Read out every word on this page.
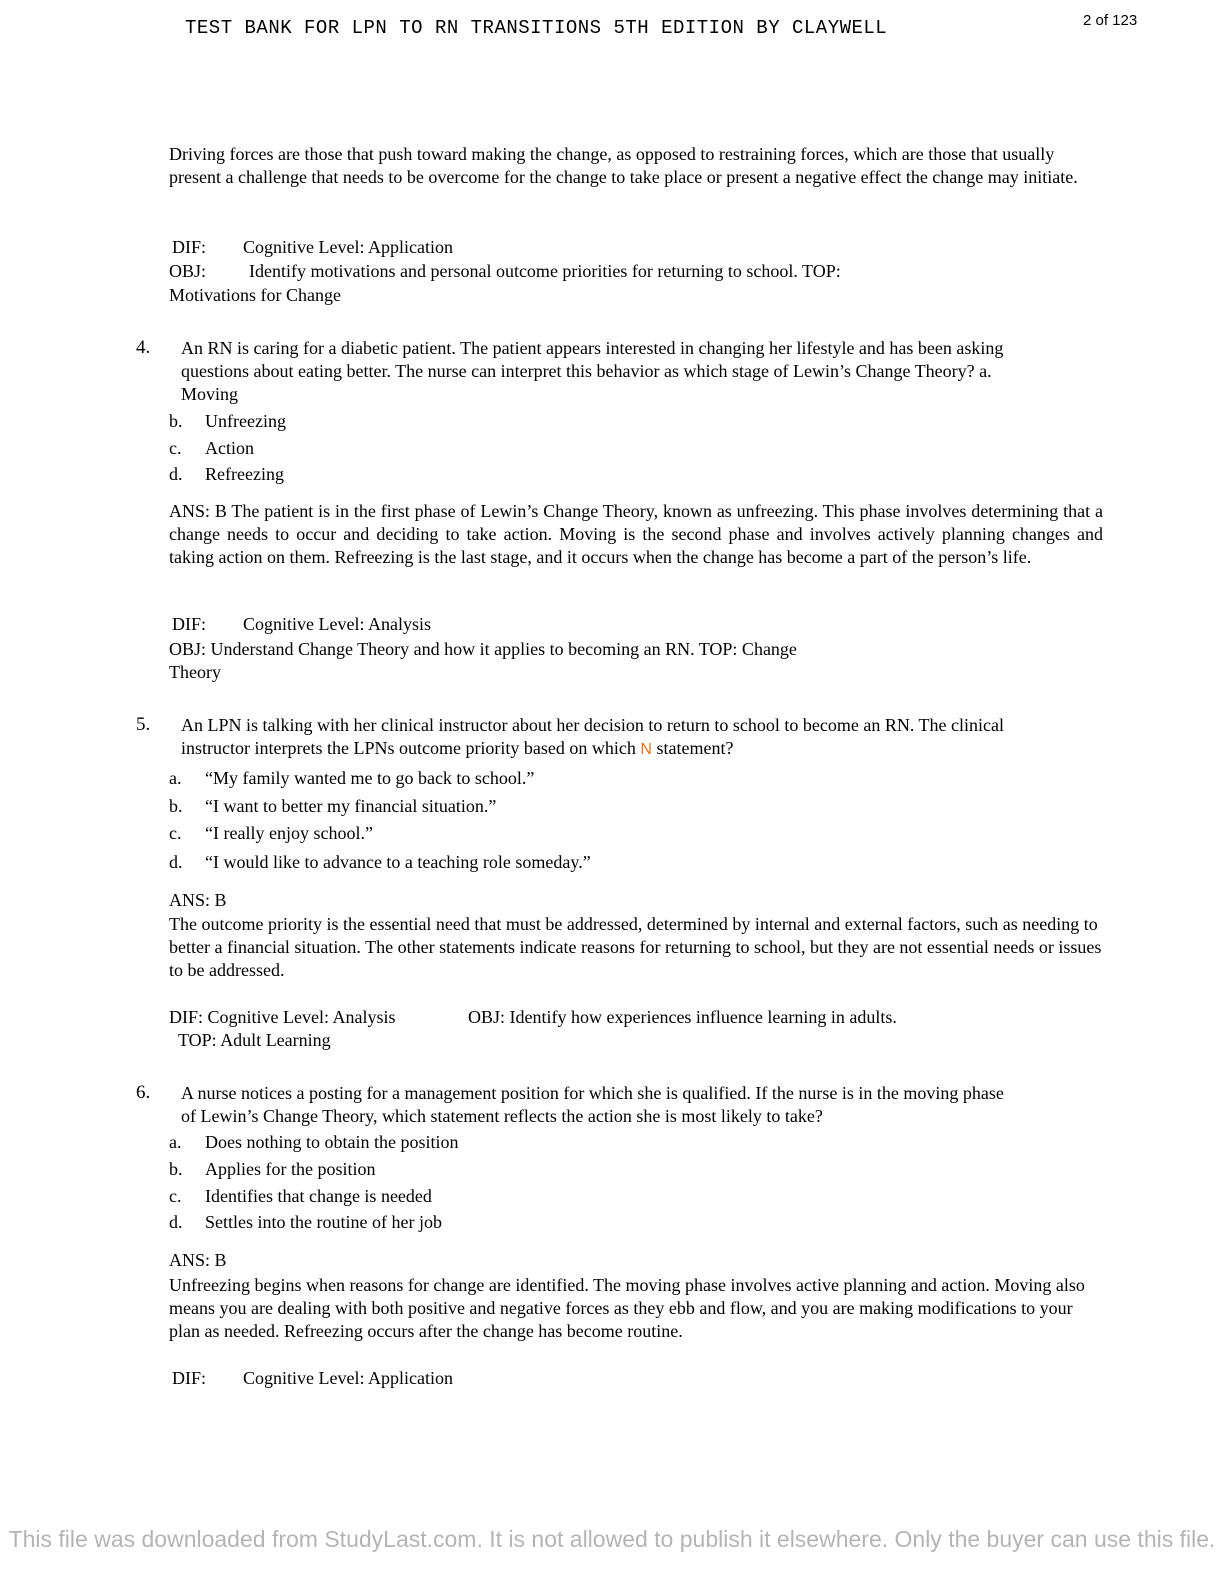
TEST BANK FOR LPN TO RN TRANSITIONS 5TH EDITION BY CLAYWELL	2 of 123
Driving forces are those that push toward making the change, as opposed to restraining forces, which are those that usually present a challenge that needs to be overcome for the change to take place or present a negative effect the change may initiate.
DIF: Cognitive Level: Application
OBJ: Identify motivations and personal outcome priorities for returning to school. TOP:
Motivations for Change
4. An RN is caring for a diabetic patient. The patient appears interested in changing her lifestyle and has been asking
questions about eating better. The nurse can interpret this behavior as which stage of Lewin’s Change Theory? a.
Moving
b. Unfreezing
c. Action
d. Refreezing
ANS: B The patient is in the first phase of Lewin’s Change Theory, known as unfreezing. This phase involves determining that a change needs to occur and deciding to take action. Moving is the second phase and involves actively planning changes and taking action on them. Refreezing is the last stage, and it occurs when the change has become a part of the person’s life.
DIF: Cognitive Level: Analysis
OBJ: Understand Change Theory and how it applies to becoming an RN. TOP: Change
Theory
5. An LPN is talking with her clinical instructor about her decision to return to school to become an RN. The clinical
instructor interprets the LPNs outcome priority based on which N statement?
a. “My family wanted me to go back to school.”
b. “I want to better my financial situation.”
c. “I really enjoy school.”
d. “I would like to advance to a teaching role someday.”
ANS: B
The outcome priority is the essential need that must be addressed, determined by internal and external factors, such as needing to better a financial situation. The other statements indicate reasons for returning to school, but they are not essential needs or issues to be addressed.
DIF: Cognitive Level: Analysis	OBJ: Identify how experiences influence learning in adults.
TOP: Adult Learning
6. A nurse notices a posting for a management position for which she is qualified. If the nurse is in the moving phase
of Lewin’s Change Theory, which statement reflects the action she is most likely to take?
a. Does nothing to obtain the position
b. Applies for the position
c. Identifies that change is needed
d. Settles into the routine of her job
ANS: B
Unfreezing begins when reasons for change are identified. The moving phase involves active planning and action. Moving also means you are dealing with both positive and negative forces as they ebb and flow, and you are making modifications to your plan as needed. Refreezing occurs after the change has become routine.
DIF: Cognitive Level: Application
This file was downloaded from StudyLast.com. It is not allowed to publish it elsewhere. Only the buyer can use this file.
